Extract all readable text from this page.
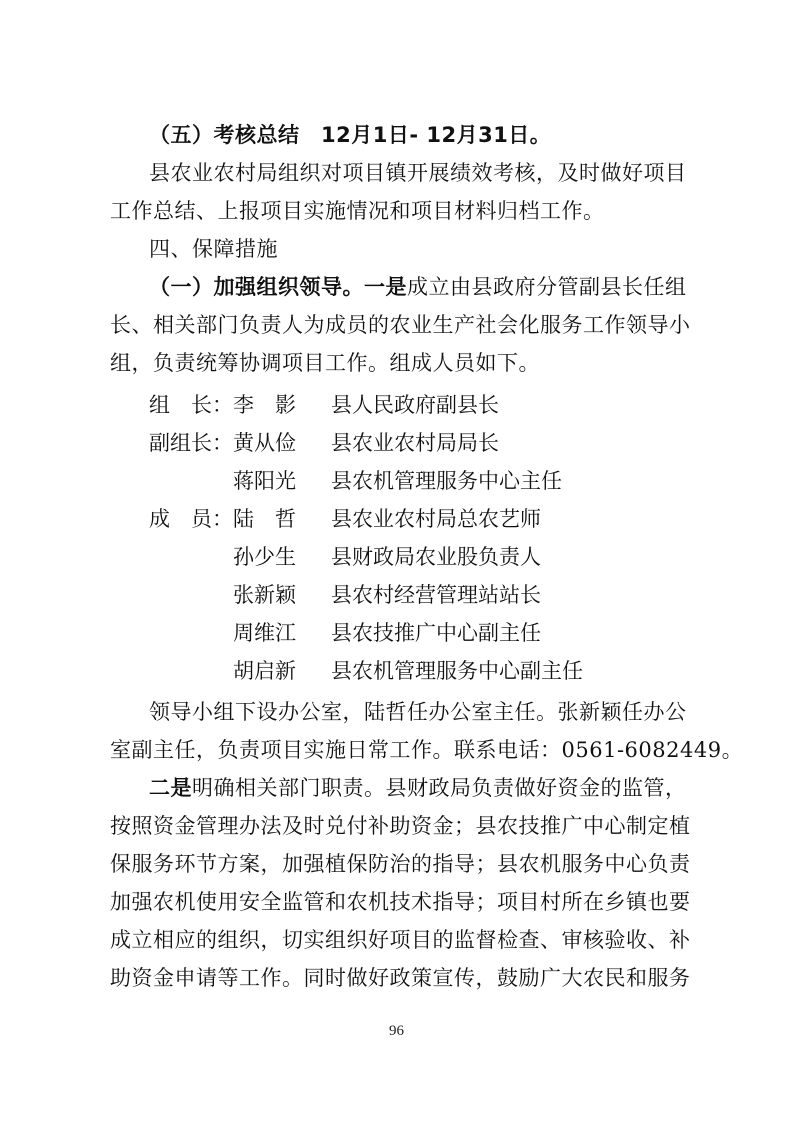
（五）考核总结　12月1日- 12月31日。
县农业农村局组织对项目镇开展绩效考核，及时做好项目
工作总结、上报项目实施情况和项目材料归档工作。
四、保障措施
（一）加强组织领导。一是成立由县政府分管副县长任组
长、相关部门负责人为成员的农业生产社会化服务工作领导小
组，负责统筹协调项目工作。组成人员如下。
组　长： 李　影 县人民政府副县长
副组长： 黄从俭 县农业农村局局长
蒋阳光 县农机管理服务中心主任
成　员： 陆　哲 县农业农村局总农艺师
孙少生 县财政局农业股负责人
张新颖 县农村经营管理站站长
周维江 县农技推广中心副主任
胡启新 县农机管理服务中心副主任
领导小组下设办公室，陆哲任办公室主任。张新颖任办公
室副主任，负责项目实施日常工作。联系电话：0561-6082449。
二是明确相关部门职责。县财政局负责做好资金的监管，
按照资金管理办法及时兑付补助资金；县农技推广中心制定植
保服务环节方案，加强植保防治的指导；县农机服务中心负责
加强农机使用安全监管和农机技术指导；项目村所在乡镇也要
成立相应的组织，切实组织好项目的监督检查、审核验收、补
助资金申请等工作。同时做好政策宣传，鼓励广大农民和服务
96
